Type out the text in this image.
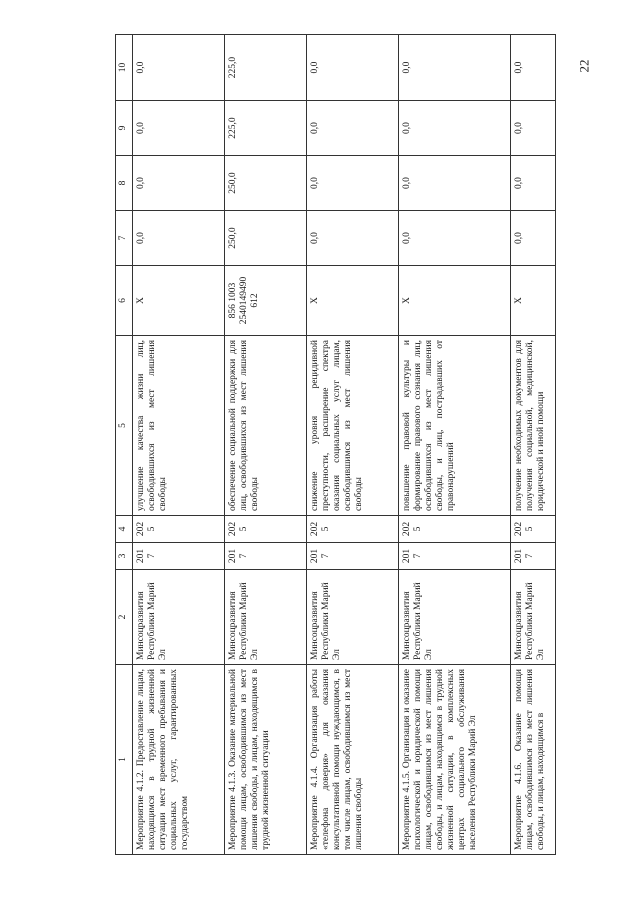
22
1	2	3	4	5	6	7	8	9	10
Мероприятие 4.1.2. Предоставление лицам, находящимся в трудной жизненной ситуации мест временного пребывания и социальных услуг, гарантированных государством	Минсоцразвития Республики Марий Эл	2017	2025	улучшение качества жизни лиц, освободившихся из мест лишения свободы	Х	0,0	0,0	0,0	0,0
Мероприятие 4.1.3. Оказание материальной помощи лицам, освободившимся из мест лишения свободы, и лицам, находящимся в трудной жизненной ситуации	Минсоцразвития Республики Марий Эл	2017	2025	обеспечение социальной поддержки для лиц, освободившихся из мест лишения свободы	856 1003 2540149490 612	250,0	250,0	225,0	225,0
Мероприятие 4.1.4. Организация работы «телефона доверия» для оказания консультативной помощи нуждающимся, в том числе лицам, освободившимся из мест лишения свободы	Минсоцразвития Республики Марий Эл	2017	2025	снижение уровня рецидивной преступности, расширение спектра оказания социальных услуг лицам, освободившимся из мест лишения свободы	Х	0,0	0,0	0,0	0,0
Мероприятие 4.1.5. Организация и оказание психологической и юридической помощи лицам, освободившимся из мест лишения свободы, и лицам, находящимся в трудной жизненной ситуации, в комплексных центрах социального обслуживания населения Республики Марий Эл	Минсоцразвития Республики Марий Эл	2017	2025	повышение правовой культуры и формирование правового сознания лиц, освободившихся из мест лишения свободы, и лиц, пострадавших от правонарушений	Х	0,0	0,0	0,0	0,0
Мероприятие 4.1.6. Оказание помощи лицам, освободившимся из мест лишения свободы, и лицам, находящимся в	Минсоцразвития Республики Марий Эл	2017	2025	получение необходимых документов для получения социальной, медицинской, юридической и иной помощи	Х	0,0	0,0	0,0	0,0
